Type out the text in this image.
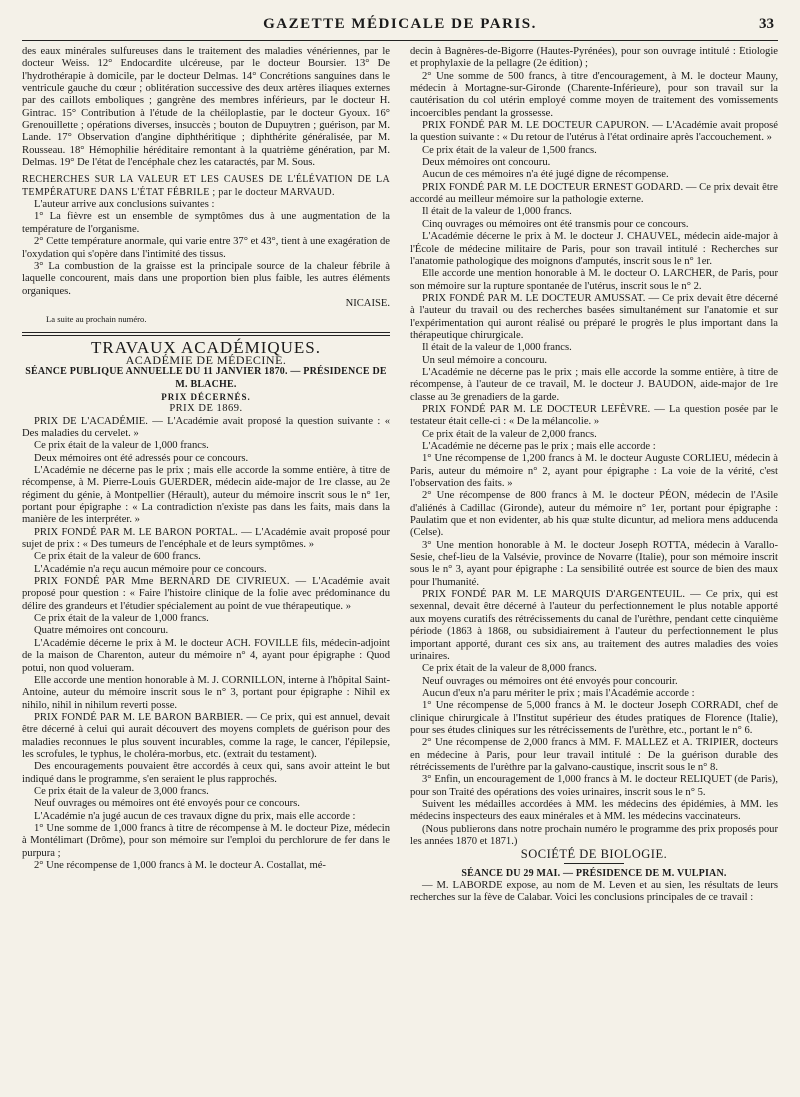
GAZETTE MÉDICALE DE PARIS.	33

des eaux minérales sulfureuses dans le traitement des maladies vénériennes, par le docteur Weiss. 12° Endocardite ulcéreuse, par le docteur Boursier. 13° De l'hydrothérapie à domicile, par le docteur Delmas. 14° Concrétions sanguines dans le ventricule gauche du cœur ; oblitération successive des deux artères iliaques externes par des caillots emboliques ; gangrène des membres inférieurs, par le docteur H. Gintrac. 15° Contribution à l'étude de la chéiloplastie, par le docteur Gyoux. 16° Grenouillette ; opérations diverses, insuccès ; bouton de Dupuytren ; guérison, par M. Lande. 17° Observation d'angine diphthéritique ; diphthérite généralisée, par M. Rousseau. 18° Hémophilie héréditaire remontant à la quatrième génération, par M. Delmas. 19° De l'état de l'encéphale chez les cataractés, par M. Sous.

RECHERCHES SUR LA VALEUR ET LES CAUSES DE L'ÉLÉVATION DE LA TEMPÉRATURE DANS L'ÉTAT FÉBRILE ; par le docteur MARVAUD.

L'auteur arrive aux conclusions suivantes :

1° La fièvre est un ensemble de symptômes dus à une augmentation de la température de l'organisme.

2° Cette température anormale, qui varie entre 37° et 43°, tient à une exagération de l'oxydation qui s'opère dans l'intimité des tissus.

3° La combustion de la graisse est la principale source de la chaleur fébrile à laquelle concourent, mais dans une proportion bien plus faible, les autres éléments organiques.

NICAISE.

La suite au prochain numéro.

TRAVAUX ACADÉMIQUES.

ACADÉMIE DE MÉDECINE.

SÉANCE PUBLIQUE ANNUELLE DU 11 JANVIER 1870. — PRÉSIDENCE DE M. BLACHE.

PRIX DÉCERNÉS.

PRIX DE 1869.

PRIX DE L'ACADÉMIE. — L'Académie avait proposé la question suivante : « Des maladies du cervelet. »

Ce prix était de la valeur de 1,000 francs.

Deux mémoires ont été adressés pour ce concours.

L'Académie ne décerne pas le prix ; mais elle accorde la somme entière, à titre de récompense, à M. Pierre-Louis GUERDER, médecin aide-major de 1re classe, au 2e régiment du génie, à Montpellier (Hérault), auteur du mémoire inscrit sous le n° 1er, portant pour épigraphe : « La contradiction n'existe pas dans les faits, mais dans la manière de les interpréter. »

PRIX FONDÉ PAR M. LE BARON PORTAL. — L'Académie avait proposé pour sujet de prix : « Des tumeurs de l'encéphale et de leurs symptômes. »

Ce prix était de la valeur de 600 francs.

L'Académie n'a reçu aucun mémoire pour ce concours.

PRIX FONDÉ PAR Mme BERNARD DE CIVRIEUX. — L'Académie avait proposé pour question : « Faire l'histoire clinique de la folie avec prédominance du délire des grandeurs et l'étudier spécialement au point de vue thérapeutique. »

Ce prix était de la valeur de 1,000 francs.

Quatre mémoires ont concouru.

L'Académie décerne le prix à M. le docteur ACH. FOVILLE fils, médecin-adjoint de la maison de Charenton, auteur du mémoire n° 4, ayant pour épigraphe : Quod potui, non quod volueram.

Elle accorde une mention honorable à M. J. CORNILLON, interne à l'hôpital Saint-Antoine, auteur du mémoire inscrit sous le n° 3, portant pour épigraphe : Nihil ex nihilo, nihil in nihilum reverti posse.

PRIX FONDÉ PAR M. LE BARON BARBIER. — Ce prix, qui est annuel, devait être décerné à celui qui aurait découvert des moyens complets de guérison pour des maladies reconnues le plus souvent incurables, comme la rage, le cancer, l'épilepsie, les scrofules, le typhus, le choléra-morbus, etc. (extrait du testament).

Des encouragements pouvaient être accordés à ceux qui, sans avoir atteint le but indiqué dans le programme, s'en seraient le plus rapprochés.

Ce prix était de la valeur de 3,000 francs.

Neuf ouvrages ou mémoires ont été envoyés pour ce concours.

L'Académie n'a jugé aucun de ces travaux digne du prix, mais elle accorde :

1° Une somme de 1,000 francs à titre de récompense à M. le docteur Pize, médecin à Montélimart (Drôme), pour son mémoire sur l'emploi du perchlorure de fer dans le purpura ;

2° Une récompense de 1,000 francs à M. le docteur A. Costallat, mé-

decin à Bagnères-de-Bigorre (Hautes-Pyrénées), pour son ouvrage intitulé : Étiologie et prophylaxie de la pellagre (2e édition) ;

2° Une somme de 500 francs, à titre d'encouragement, à M. le docteur Mauny, médecin à Mortagne-sur-Gironde (Charente-Inférieure), pour son travail sur la cautérisation du col utérin employé comme moyen de traitement des vomissements incoercibles pendant la grossesse.

PRIX FONDÉ PAR M. LE DOCTEUR CAPURON. — L'Académie avait proposé la question suivante : « Du retour de l'utérus à l'état ordinaire après l'accouchement. »

Ce prix était de la valeur de 1,500 francs.

Deux mémoires ont concouru.

Aucun de ces mémoires n'a été jugé digne de récompense.

PRIX FONDÉ PAR M. LE DOCTEUR ERNEST GODARD. — Ce prix devait être accordé au meilleur mémoire sur la pathologie externe.

Il était de la valeur de 1,000 francs.

Cinq ouvrages ou mémoires ont été transmis pour ce concours.

L'Académie décerne le prix à M. le docteur J. CHAUVEL, médecin aide-major à l'École de médecine militaire de Paris, pour son travail intitulé : Recherches sur l'anatomie pathologique des moignons d'amputés, inscrit sous le n° 1er.

Elle accorde une mention honorable à M. le docteur O. LARCHER, de Paris, pour son mémoire sur la rupture spontanée de l'utérus, inscrit sous le n° 2.

PRIX FONDÉ PAR M. LE DOCTEUR AMUSSAT. — Ce prix devait être décerné à l'auteur du travail ou des recherches basées simultanément sur l'anatomie et sur l'expérimentation qui auront réalisé ou préparé le progrès le plus important dans la thérapeutique chirurgicale.

Il était de la valeur de 1,000 francs.

Un seul mémoire a concouru.

L'Académie ne décerne pas le prix ; mais elle accorde la somme entière, à titre de récompense, à l'auteur de ce travail, M. le docteur J. BAUDON, aide-major de 1re classe au 3e grenadiers de la garde.

PRIX FONDÉ PAR M. LE DOCTEUR LEFÈVRE. — La question posée par le testateur était celle-ci : « De la mélancolie. »

Ce prix était de la valeur de 2,000 francs.

L'Académie ne décerne pas le prix ; mais elle accorde :

1° Une récompense de 1,200 francs à M. le docteur Auguste CORLIEU, médecin à Paris, auteur du mémoire n° 2, ayant pour épigraphe : La voie de la vérité, c'est l'observation des faits. »

2° Une récompense de 800 francs à M. le docteur PÉON, médecin de l'Asile d'aliénés à Cadillac (Gironde), auteur du mémoire n° 1er, portant pour épigraphe : Paulatim que et non evidenter, ab his quæ stulte dicuntur, ad meliora mens adducenda (Celse).

3° Une mention honorable à M. le docteur Joseph ROTTA, médecin à Varallo-Sesie, chef-lieu de la Valsévie, province de Novarre (Italie), pour son mémoire inscrit sous le n° 3, ayant pour épigraphe : La sensibilité outrée est source de bien des maux pour l'humanité.

PRIX FONDÉ PAR M. LE MARQUIS D'ARGENTEUIL. — Ce prix, qui est sexennal, devait être décerné à l'auteur du perfectionnement le plus notable apporté aux moyens curatifs des rétrécissements du canal de l'urèthre, pendant cette cinquième période (1863 à 1868, ou subsidiairement à l'auteur du perfectionnement le plus important apporté, durant ces six ans, au traitement des autres maladies des voies urinaires.

Ce prix était de la valeur de 8,000 francs.

Neuf ouvrages ou mémoires ont été envoyés pour concourir.

Aucun d'eux n'a paru mériter le prix ; mais l'Académie accorde :

1° Une récompense de 5,000 francs à M. le docteur Joseph CORRADI, chef de clinique chirurgicale à l'Institut supérieur des études pratiques de Florence (Italie), pour ses études cliniques sur les rétrécissements de l'urèthre, etc., portant le n° 6.

2° Une récompense de 2,000 francs à MM. F. MALLEZ et A. TRIPIER, docteurs en médecine à Paris, pour leur travail intitulé : De la guérison durable des rétrécissements de l'urèthre par la galvano-caustique, inscrit sous le n° 8.

3° Enfin, un encouragement de 1,000 francs à M. le docteur RELIQUET (de Paris), pour son Traité des opérations des voies urinaires, inscrit sous le n° 5.

Suivent les médailles accordées à MM. les médecins des épidémies, à MM. les médecins inspecteurs des eaux minérales et à MM. les médecins vaccinateurs.

(Nous publierons dans notre prochain numéro le programme des prix proposés pour les années 1870 et 1871.)

SOCIÉTÉ DE BIOLOGIE.

SÉANCE DU 29 MAI. — PRÉSIDENCE DE M. VULPIAN.

— M. LABORDE expose, au nom de M. Leven et au sien, les résultats de leurs recherches sur la fève de Calabar. Voici les conclusions principales de ce travail :
